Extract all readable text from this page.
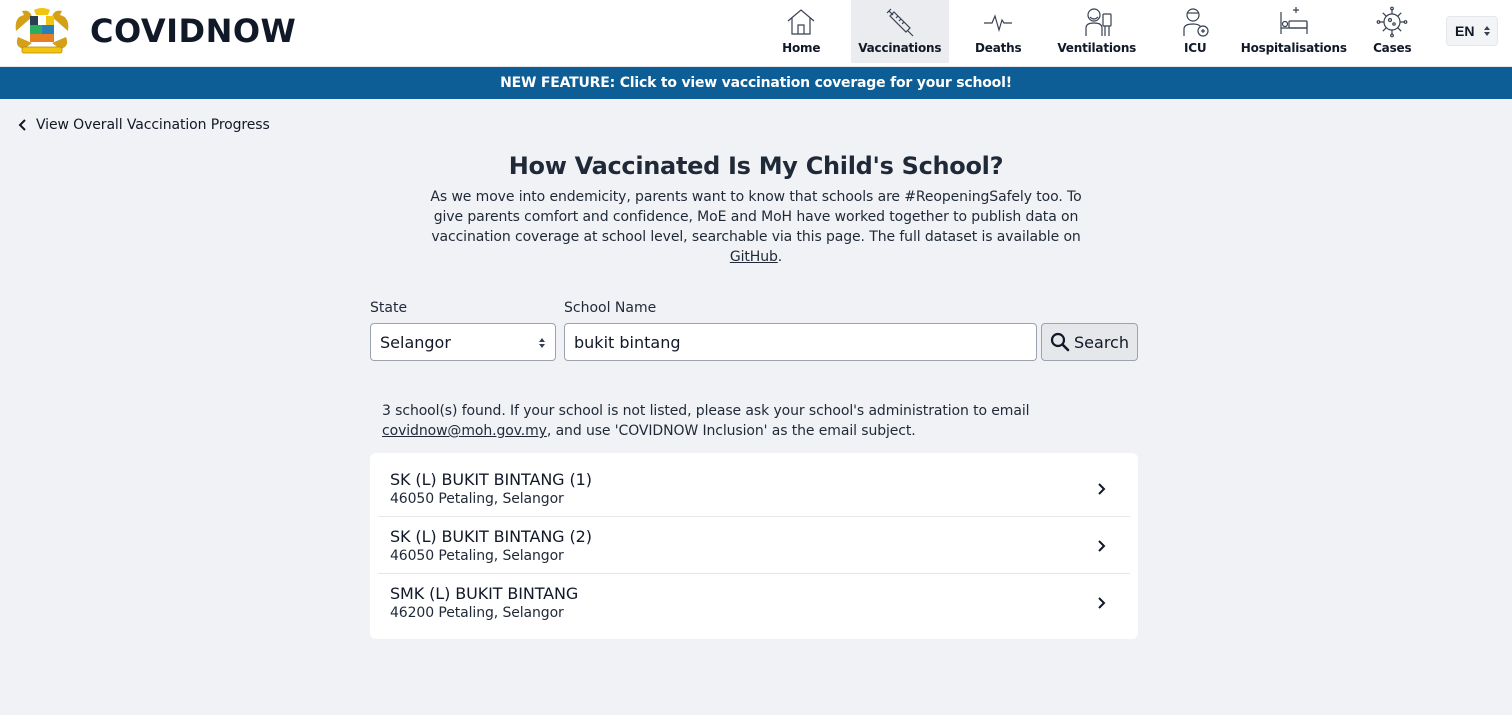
COVIDNOW	Home	Vaccinations	Deaths	Ventilations	ICU	Hospitalisations Cases
EN
NEW FEATURE: Click to view vaccination coverage for your school!
View Overall Vaccination Progress
How Vaccinated Is My Child's School?
As we move into endemicity, parents want to know that schools are #ReopeningSafely too. To give parents comfort and confidence, MoE and MoH have worked together to publish data on vaccination coverage at school level, searchable via this page. The full dataset is available on GitHub.
State	School Name
Selangor
bukit bintang	Search
3 school(s) found. If your school is not listed, please ask your school's administration to email
covidnow@moh.gov.my, and use 'COVIDNOW Inclusion' as the email subject.
SK (L) BUKIT BINTANG (1)
46050 Petaling, Selangor
SK (L) BUKIT BINTANG (2)
46050 Petaling, Selangor
SMK (L) BUKIT BINTANG
46200 Petaling, Selangor
